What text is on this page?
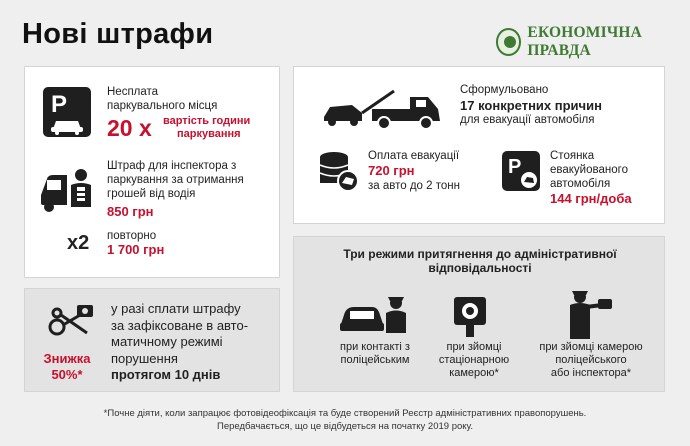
Нові штрафи	ЕКОНОМІЧНА ПРАВДА
P	Несплата
паркувального місця
20 x вартість години
паркування
Штраф для інспектора з
паркування за отримання
грошей від водія
850 грн
x2 повторно
1 700 грн
Знижка
50%*
у разі сплати штрафу
за зафіксоване в авто-
матичному режимі
порушення
протягом 10 днів
Сформульовано
17 конкретних причин
для евакуації автомобіля
Оплата евакуації
720 грн
за авто до 2 тонн
P Стоянка
евакуйованого
автомобіля
144 грн/доба
Три режими притягнення до адміністративної
відповідальності
при контакті з
поліцейським
при зйомці
стаціонарною
камерою*
при зйомці камерою
поліцейського
або інспектора*
*Почне діяти, коли запрацює фотовідеофіксація та буде створений Реєстр адміністративних правопорушень.
Передбачається, що це відбудеться на початку 2019 року.
